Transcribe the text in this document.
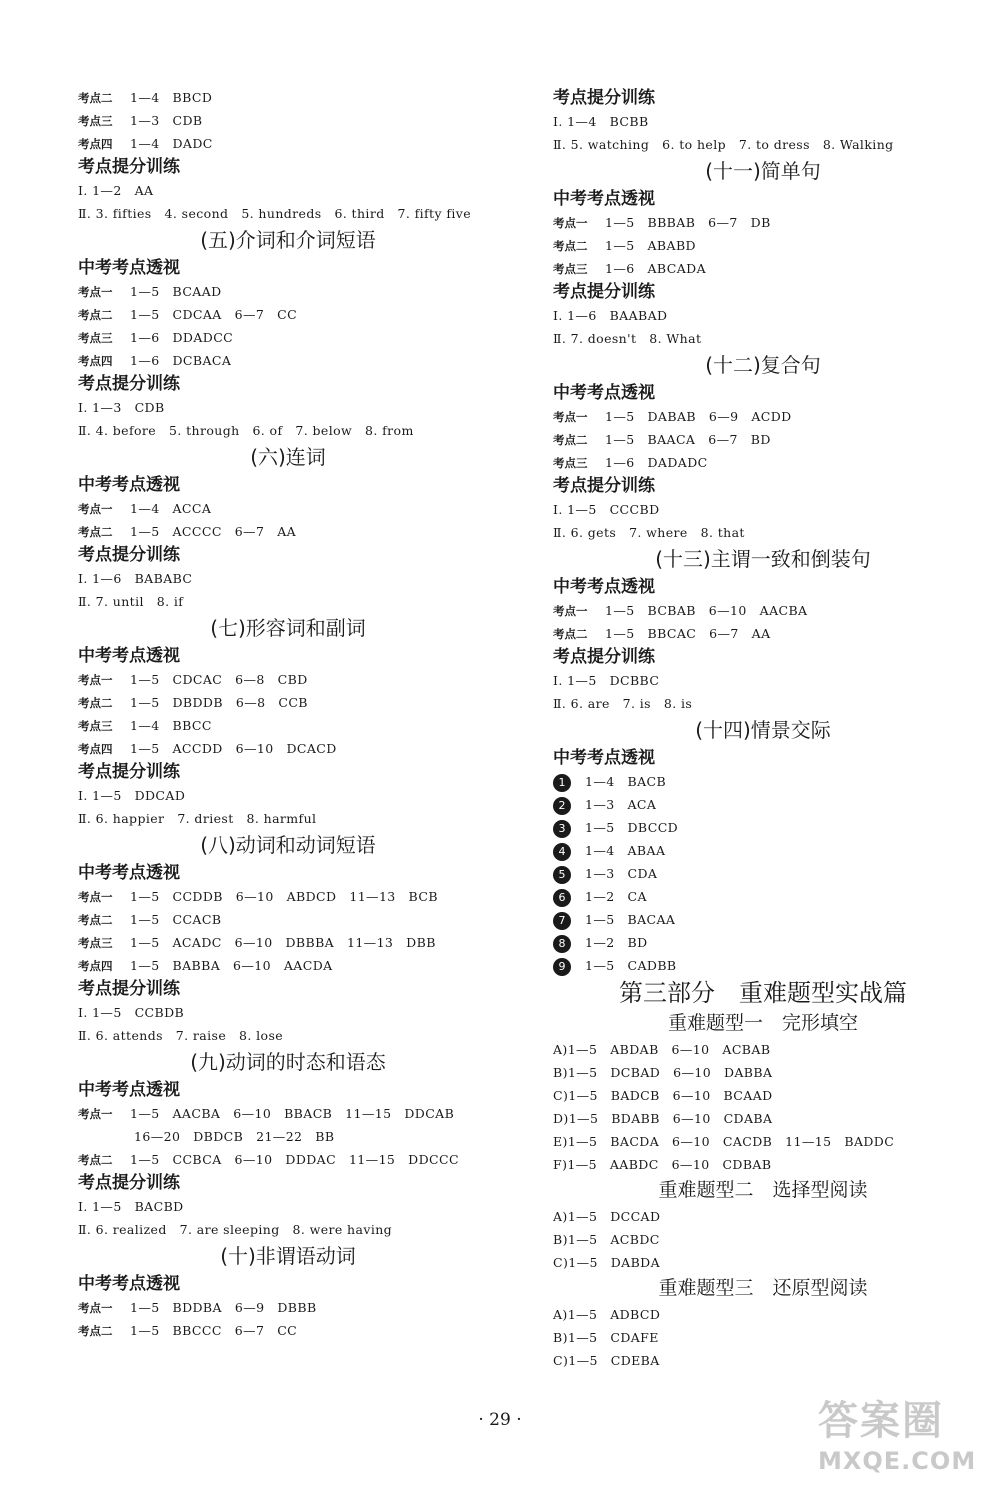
考点二 1—4　BBCD
考点三 1—3　CDB
考点四 1—4　DADC
考点提分训练
Ⅰ. 1—2　AA
Ⅱ. 3. fifties　4. second　5. hundreds　6. third　7. fifty five
(五)介词和介词短语
中考考点透视
考点一 1—5　BCAAD
考点二 1—5　CDCAA　6—7　CC
考点三 1—6　DDADCC
考点四 1—6　DCBACA
考点提分训练
Ⅰ. 1—3　CDB
Ⅱ. 4. before　5. through　6. of　7. below　8. from
(六)连词
中考考点透视
考点一 1—4　ACCA
考点二 1—5　ACCCC　6—7　AA
考点提分训练
Ⅰ. 1—6　BABABC
Ⅱ. 7. until　8. if
(七)形容词和副词
中考考点透视
考点一 1—5　CDCAC　6—8　CBD
考点二 1—5　DBDDB　6—8　CCB
考点三 1—4　BBCC
考点四 1—5　ACCDD　6—10　DCACD
考点提分训练
Ⅰ. 1—5　DDCAD
Ⅱ. 6. happier　7. driest　8. harmful
(八)动词和动词短语
中考考点透视
考点一 1—5　CCDDB　6—10　ABDCD　11—13　BCB
考点二 1—5　CCACB
考点三 1—5　ACADC　6—10　DBBBA　11—13　DBB
考点四 1—5　BABBA　6—10　AACDA
考点提分训练
Ⅰ. 1—5　CCBDB
Ⅱ. 6. attends　7. raise　8. lose
(九)动词的时态和语态
中考考点透视
考点一 1—5　AACBA　6—10　BBACB　11—15　DDCAB
16—20　DBDCB　21—22　BB
考点二 1—5　CCBCA　6—10　DDDAC　11—15　DDCCC
考点提分训练
Ⅰ. 1—5　BACBD
Ⅱ. 6. realized　7. are sleeping　8. were having
(十)非谓语动词
中考考点透视
考点一 1—5　BDDBA　6—9　DBBB
考点二 1—5　BBCCC　6—7　CC
考点提分训练
Ⅰ. 1—4　BCBB
Ⅱ. 5. watching　6. to help　7. to dress　8. Walking
(十一)简单句
中考考点透视
考点一 1—5　BBBAB　6—7　DB
考点二 1—5　ABABD
考点三 1—6　ABCADA
考点提分训练
Ⅰ. 1—6　BAABAD
Ⅱ. 7. doesn't　8. What
(十二)复合句
中考考点透视
考点一 1—5　DABAB　6—9　ACDD
考点二 1—5　BAACA　6—7　BD
考点三 1—6　DADADC
考点提分训练
Ⅰ. 1—5　CCCBD
Ⅱ. 6. gets　7. where　8. that
(十三)主谓一致和倒装句
中考考点透视
考点一 1—5　BCBAB　6—10　AACBA
考点二 1—5　BBCAC　6—7　AA
考点提分训练
Ⅰ. 1—5　DCBBC
Ⅱ. 6. are　7. is　8. is
(十四)情景交际
中考考点透视
1 1—4　BACB
2 1—3　ACA
3 1—5　DBCCD
4 1—4　ABAA
5 1—3　CDA
6 1—2　CA
7 1—5　BACAA
8 1—2　BD
9 1—5　CADBB
第三部分　重难题型实战篇
重难题型一　完形填空
A)1—5　ABDAB　6—10　ACBAB
B)1—5　DCBAD　6—10　DABBA
C)1—5　BADCB　6—10　BCAAD
D)1—5　BDABB　6—10　CDABA
E)1—5　BACDA　6—10　CACDB　11—15　BADDC
F)1—5　AABDC　6—10　CDBAB
重难题型二　选择型阅读
A)1—5　DCCAD
B)1—5　ACBDC
C)1—5　DABDA
重难题型三　还原型阅读
A)1—5　ADBCD
B)1—5　CDAFE
C)1—5　CDEBA
· 29 ·	答案圈
MXQE.COM
